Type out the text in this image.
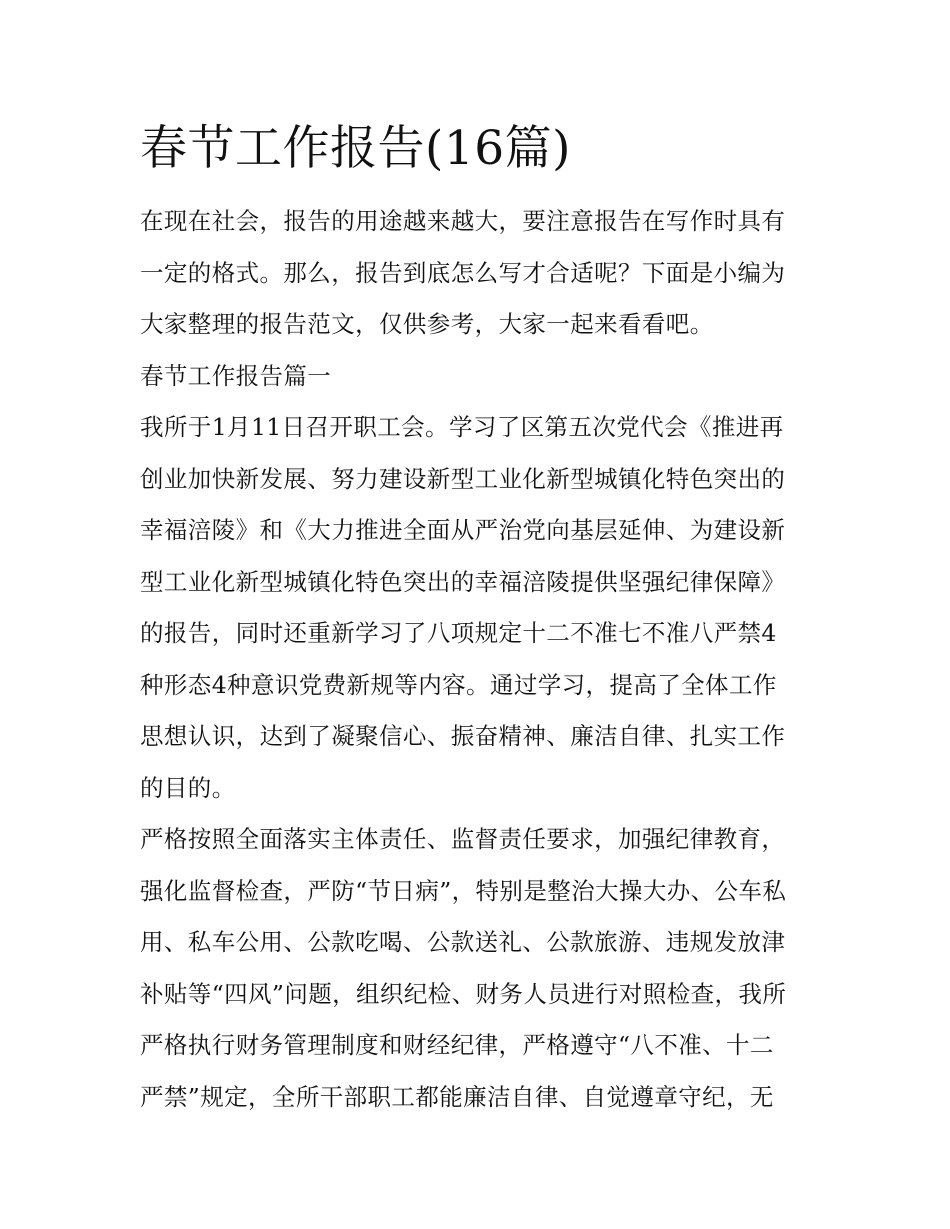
春节工作报告(16篇)

在现在社会，报告的用途越来越大，要注意报告在写作时具有
一定的格式。那么，报告到底怎么写才合适呢？下面是小编为
大家整理的报告范文，仅供参考，大家一起来看看吧。

春节工作报告篇一

我所于1月11日召开职工会。学习了区第五次党代会《推进再
创业加快新发展、努力建设新型工业化新型城镇化特色突出的
幸福涪陵》和《大力推进全面从严治党向基层延伸、为建设新
型工业化新型城镇化特色突出的幸福涪陵提供坚强纪律保障》
的报告，同时还重新学习了八项规定十二不准七不准八严禁4
种形态4种意识党费新规等内容。通过学习，提高了全体工作
思想认识，达到了凝聚信心、振奋精神、廉洁自律、扎实工作
的目的。

严格按照全面落实主体责任、监督责任要求，加强纪律教育，
强化监督检查，严防“节日病”，特别是整治大操大办、公车私
用、私车公用、公款吃喝、公款送礼、公款旅游、违规发放津
补贴等“四风”问题，组织纪检、财务人员进行对照检查，我所
严格执行财务管理制度和财经纪律，严格遵守“八不准、十二
严禁”规定，全所干部职工都能廉洁自律、自觉遵章守纪，无
